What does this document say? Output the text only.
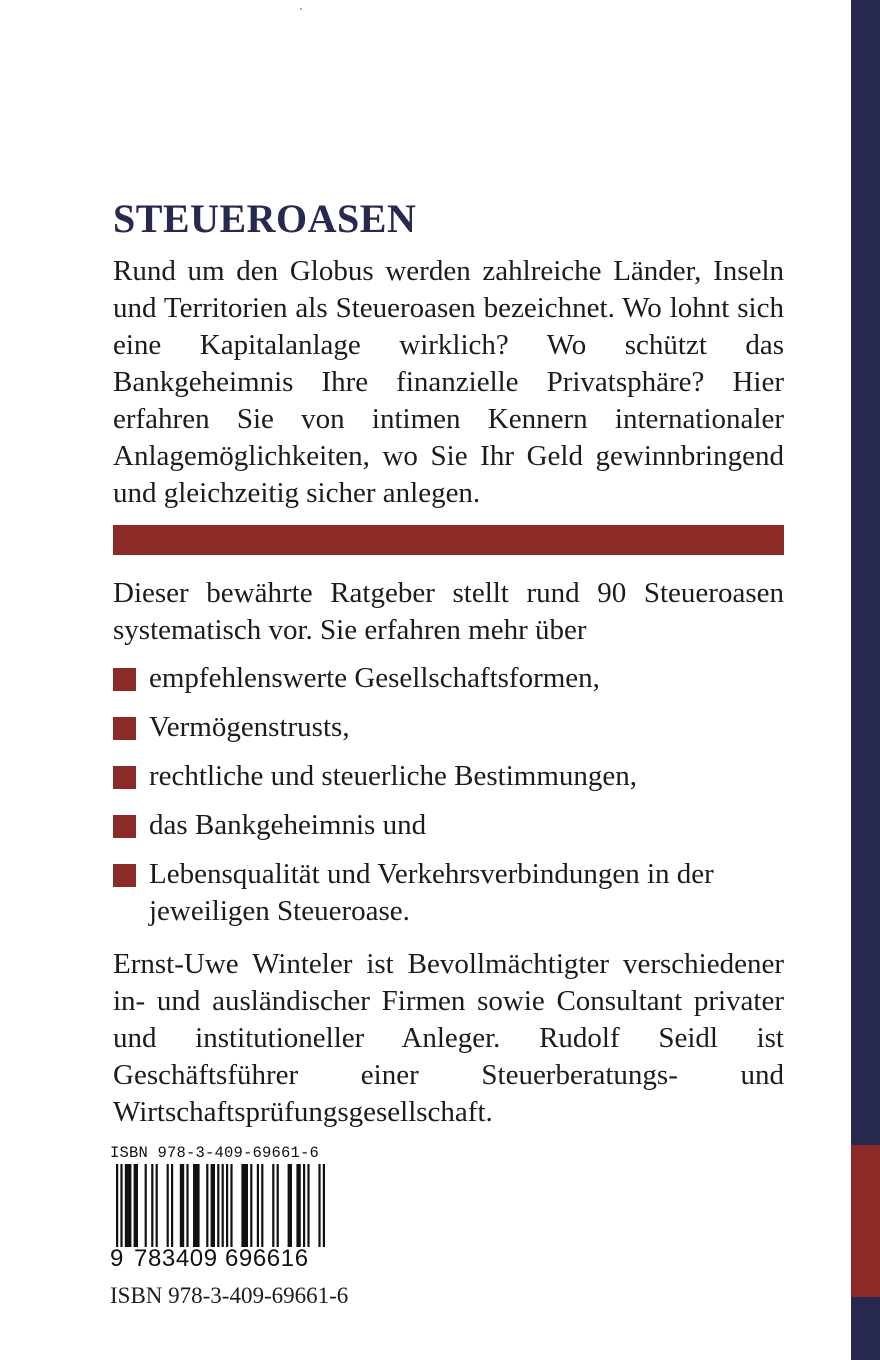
STEUEROASEN

Rund um den Globus werden zahlreiche Länder, Inseln und Territorien als Steueroasen bezeichnet. Wo lohnt sich eine Kapitalanlage wirklich? Wo schützt das Bankgeheimnis Ihre finanzielle Privatsphäre? Hier erfahren Sie von intimen Kennern internationaler Anlagemöglichkeiten, wo Sie Ihr Geld gewinnbringend und gleichzeitig sicher anlegen.

Dieser bewährte Ratgeber stellt rund 90 Steueroasen systematisch vor. Sie erfahren mehr über

empfehlenswerte Gesellschaftsformen,
Vermögenstrusts,
rechtliche und steuerliche Bestimmungen,
das Bankgeheimnis und
Lebensqualität und Verkehrsverbindungen in der jeweiligen Steueroase.

Ernst-Uwe Winteler ist Bevollmächtigter verschiedener in- und ausländischer Firmen sowie Consultant privater und institutioneller Anleger. Rudolf Seidl ist Geschäftsführer einer Steuerberatungs- und Wirtschaftsprüfungsgesellschaft.

ISBN 978-3-409-69661-6

9 783409 696616

ISBN 978-3-409-69661-6
